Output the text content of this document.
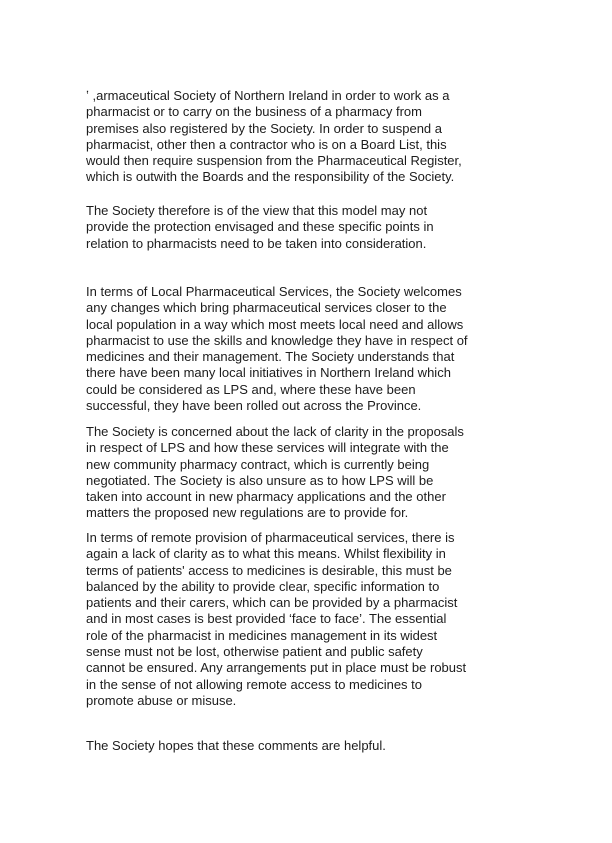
ʽ ,armaceutical Society of Northern Ireland in order to work as a
pharmacist or to carry on the business of a pharmacy from
premises also registered by the Society. In order to suspend a
pharmacist, other then a contractor who is on a Board List, this
would then require suspension from the Pharmaceutical Register,
which is outwith the Boards and the responsibility of the Society.
The Society therefore is of the view that this model may not
provide the protection envisaged and these specific points in
relation to pharmacists need to be taken into consideration.
In terms of Local Pharmaceutical Services, the Society welcomes
any changes which bring pharmaceutical services closer to the
local population in a way which most meets local need and allows
pharmacist to use the skills and knowledge they have in respect of
medicines and their management. The Society understands that
there have been many local initiatives in Northern Ireland which
could be considered as LPS and, where these have been
successful, they have been rolled out across the Province.
The Society is concerned about the lack of clarity in the proposals
in respect of LPS and how these services will integrate with the
new community pharmacy contract, which is currently being
negotiated. The Society is also unsure as to how LPS will be
taken into account in new pharmacy applications and the other
matters the proposed new regulations are to provide for.
In terms of remote provision of pharmaceutical services, there is
again a lack of clarity as to what this means. Whilst flexibility in
terms of patients' access to medicines is desirable, this must be
balanced by the ability to provide clear, specific information to
patients and their carers, which can be provided by a pharmacist
and in most cases is best provided ‘face to face’. The essential
role of the pharmacist in medicines management in its widest
sense must not be lost, otherwise patient and public safety
cannot be ensured. Any arrangements put in place must be robust
in the sense of not allowing remote access to medicines to
promote abuse or misuse.
The Society hopes that these comments are helpful.
